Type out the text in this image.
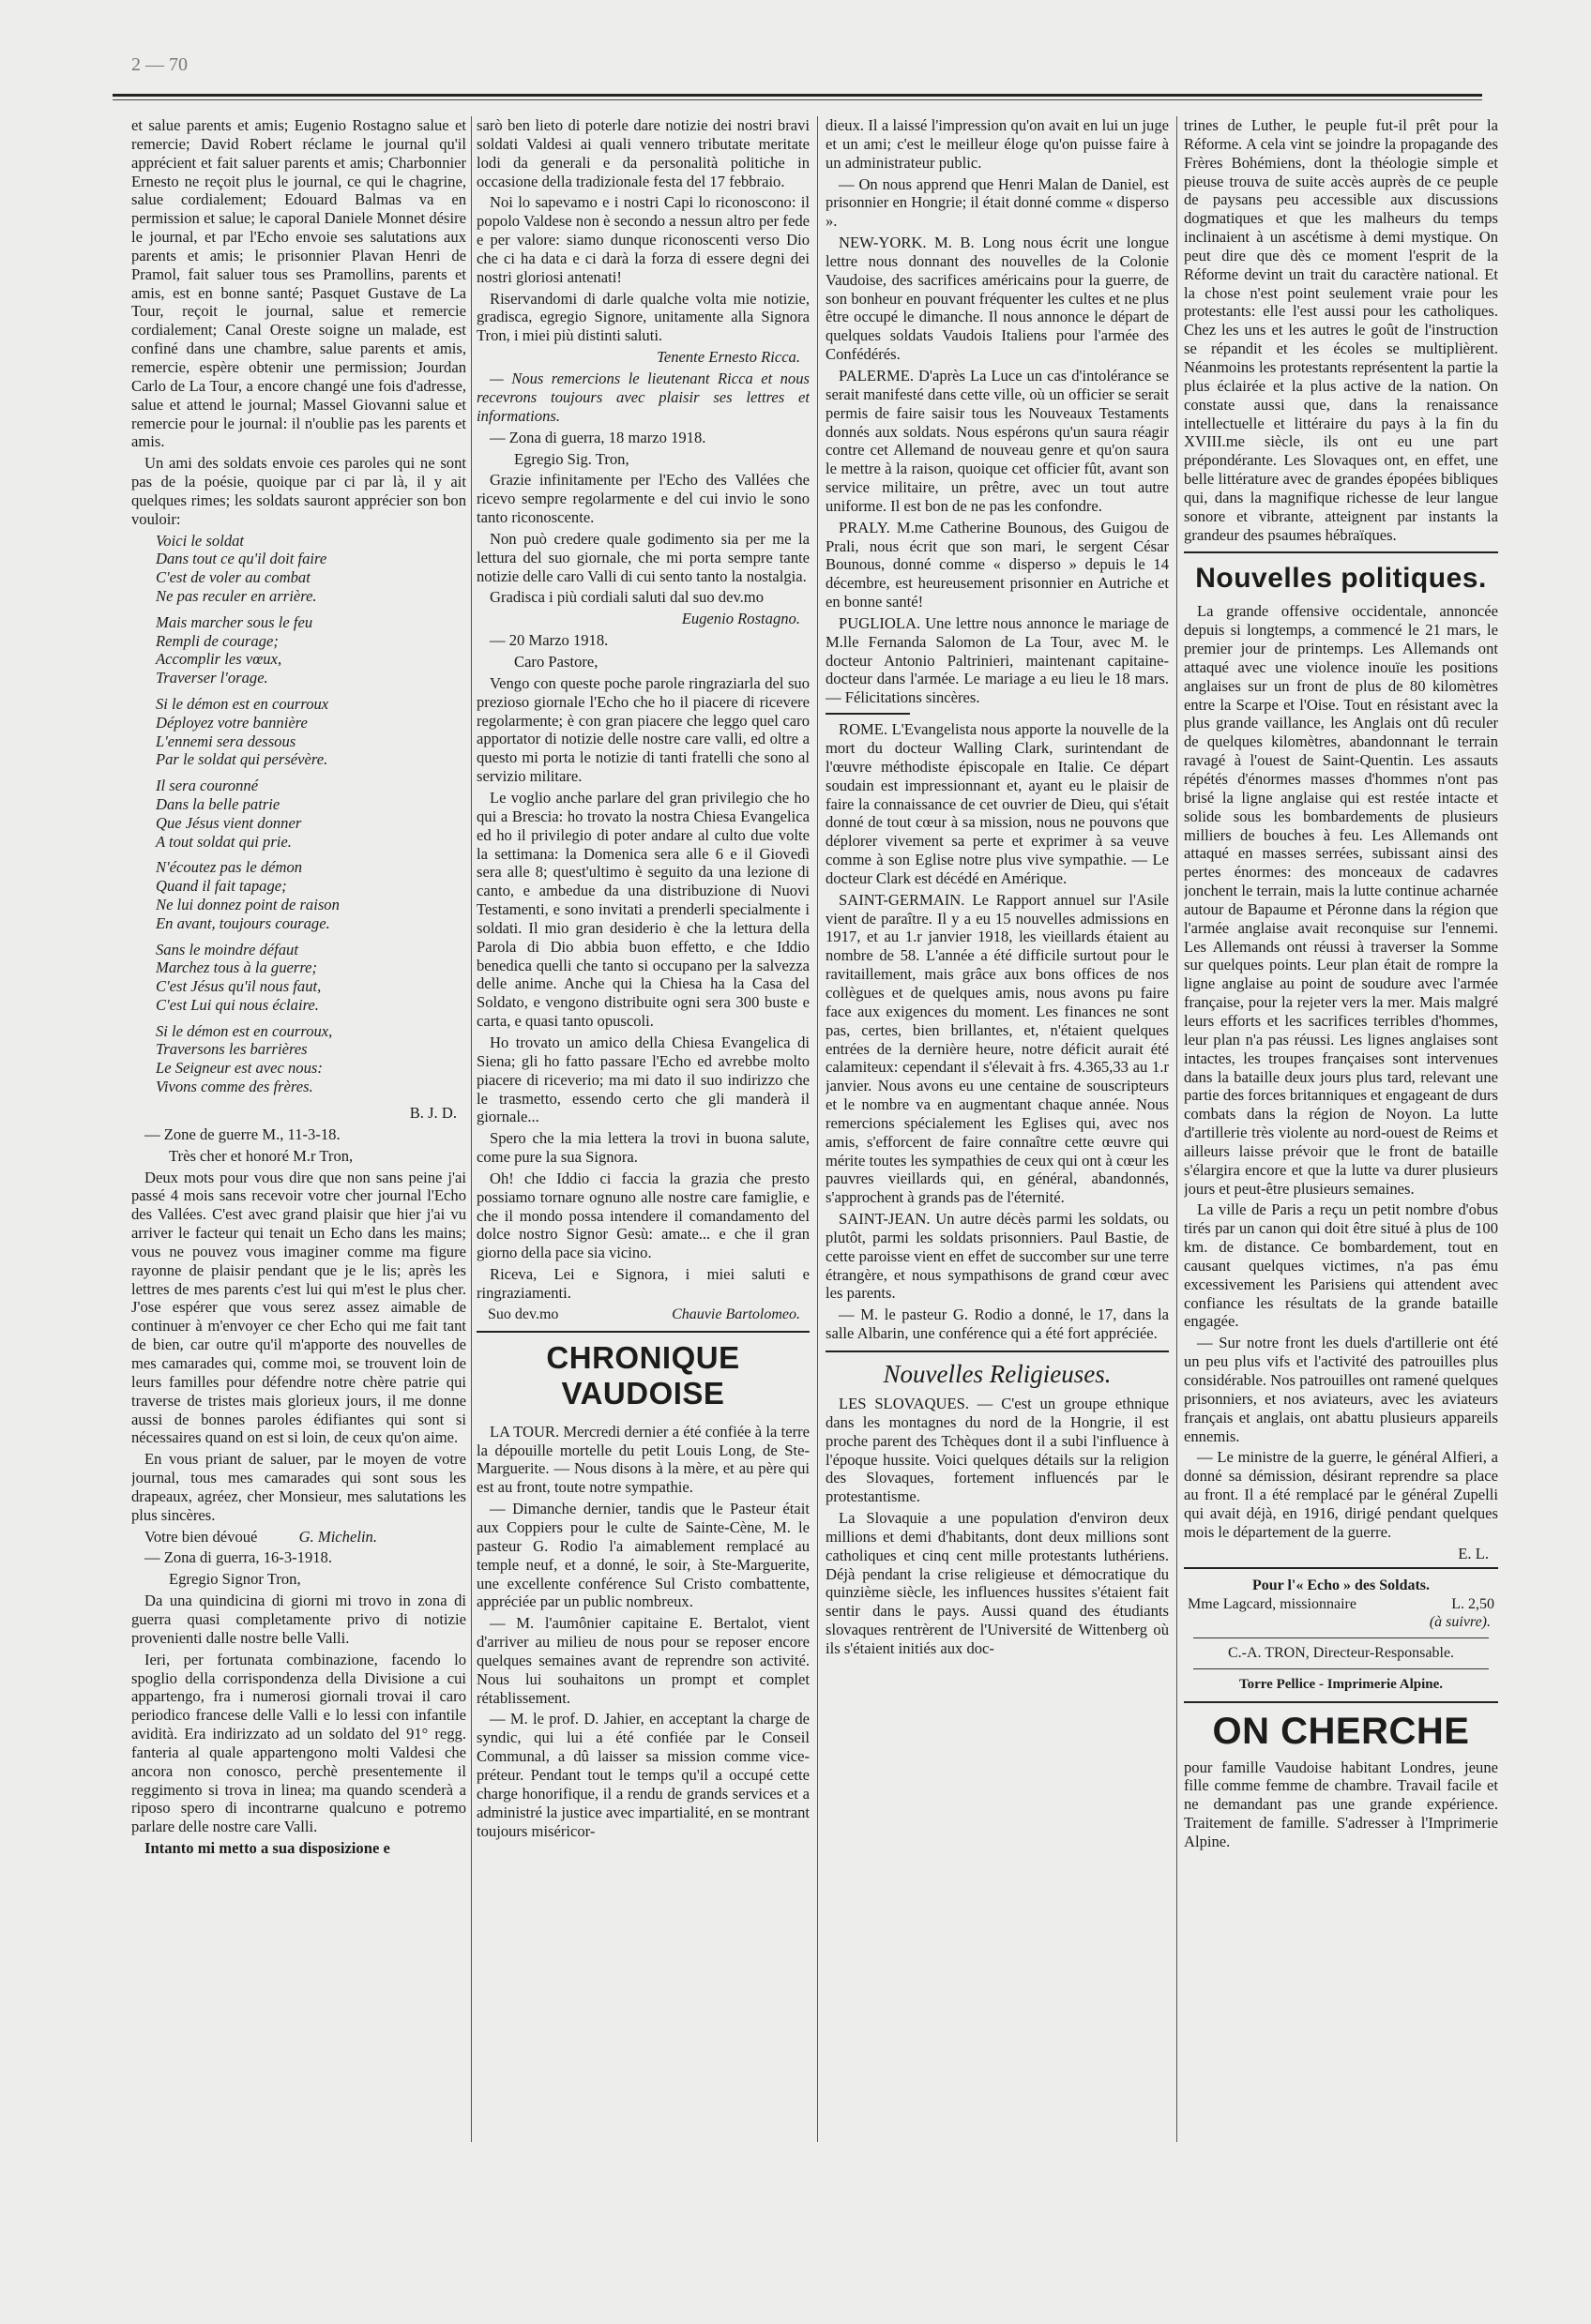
2 — 70

et salue parents et amis; Eugenio Rostagno salue et remercie; David Robert réclame le journal qu'il apprécient et fait saluer parents et amis; Charbonnier Ernesto ne reçoit plus le journal, ce qui le chagrine, salue cordialement; Edouard Balmas va en permission et salue; le caporal Daniele Monnet désire le journal, et par l'Echo envoie ses salutations aux parents et amis; le prisonnier Plavan Henri de Pramol, fait saluer tous ses Pramollins, parents et amis, est en bonne santé; Pasquet Gustave de La Tour, reçoit le journal, salue et remercie cordialement; Canal Oreste soigne un malade, est confiné dans une chambre, salue parents et amis, remercie, espère obtenir une permission; Jourdan Carlo de La Tour, a encore changé une fois d'adresse, salue et attend le journal; Massel Giovanni salue et remercie pour le journal: il n'oublie pas les parents et amis.

Un ami des soldats envoie ces paroles qui ne sont pas de la poésie, quoique par ci par là, il y ait quelques rimes; les soldats sauront apprécier son bon vouloir:

Voici le soldat
Dans tout ce qu'il doit faire
C'est de voler au combat
Ne pas reculer en arrière.
Mais marcher sous le feu
Rempli de courage;
Accomplir les vœux,
Traverser l'orage.
Si le démon est en courroux
Déployez votre bannière
L'ennemi sera dessous
Par le soldat qui persévère.
Il sera couronné
Dans la belle patrie
Que Jésus vient donner
A tout soldat qui prie.
N'écoutez pas le démon
Quand il fait tapage;
Ne lui donnez point de raison
En avant, toujours courage.
Sans le moindre défaut
Marchez tous à la guerre;
C'est Jésus qu'il nous faut,
C'est Lui qui nous éclaire.
Si le démon est en courroux,
Traversons les barrières
Le Seigneur est avec nous:
Vivons comme des frères.
B. J. D.

— Zone de guerre M., 11-3-18.

Très cher et honoré M.r Tron,

Deux mots pour vous dire que non sans peine j'ai passé 4 mois sans recevoir votre cher journal l'Echo des Vallées. C'est avec grand plaisir que hier j'ai vu arriver le facteur qui tenait un Echo dans les mains; vous ne pouvez vous imaginer comme ma figure rayonne de plaisir pendant que je le lis; après les lettres de mes parents c'est lui qui m'est le plus cher. J'ose espérer que vous serez assez aimable de continuer à m'envoyer ce cher Echo qui me fait tant de bien, car outre qu'il m'apporte des nouvelles de mes camarades qui, comme moi, se trouvent loin de leurs familles pour défendre notre chère patrie qui traverse de tristes mais glorieux jours, il me donne aussi de bonnes paroles édifiantes qui sont si nécessaires quand on est si loin, de ceux qu'on aime.

En vous priant de saluer, par le moyen de votre journal, tous mes camarades qui sont sous les drapeaux, agréez, cher Monsieur, mes salutations les plus sincères.

Votre bien dévoué	G. Michelin.

— Zona di guerra, 16-3-1918.

Egregio Signor Tron,

Da una quindicina di giorni mi trovo in zona di guerra quasi completamente privo di notizie provenienti dalle nostre belle Valli.

Ieri, per fortunata combinazione, facendo lo spoglio della corrispondenza della Divisione a cui appartengo, fra i numerosi giornali trovai il caro periodico francese delle Valli e lo lessi con infantile avidità. Era indirizzato ad un soldato del 91° regg. fanteria al quale appartengono molti Valdesi che ancora non conosco, perchè presentemente il reggimento si trova in linea; ma quando scenderà a riposo spero di incontrarne qualcuno e potremo parlare delle nostre care Valli.

Intanto mi metto a sua disposizione e

sarò ben lieto di poterle dare notizie dei nostri bravi soldati Valdesi ai quali vennero tributate meritate lodi da generali e da personalità politiche in occasione della tradizionale festa del 17 febbraio.

Noi lo sapevamo e i nostri Capi lo riconoscono: il popolo Valdese non è secondo a nessun altro per fede e per valore: siamo dunque riconoscenti verso Dio che ci ha data e ci darà la forza di essere degni dei nostri gloriosi antenati!

Riservandomi di darle qualche volta mie notizie, gradisca, egregio Signore, unitamente alla Signora Tron, i miei più distinti saluti.

Tenente Ernesto Ricca.

— Nous remercions le lieutenant Ricca et nous recevrons toujours avec plaisir ses lettres et informations.

— Zona di guerra, 18 marzo 1918.

Egregio Sig. Tron,

Grazie infinitamente per l'Echo des Vallées che ricevo sempre regolarmente e del cui invio le sono tanto riconoscente.

Non può credere quale godimento sia per me la lettura del suo giornale, che mi porta sempre tante notizie delle caro Valli di cui sento tanto la nostalgia.

Gradisca i più cordiali saluti dal suo dev.mo

Eugenio Rostagno.

— 20 Marzo 1918.

Caro Pastore,

Vengo con queste poche parole ringraziarla del suo prezioso giornale l'Echo che ho il piacere di ricevere regolarmente; è con gran piacere che leggo quel caro apportator di notizie delle nostre care valli, ed oltre a questo mi porta le notizie di tanti fratelli che sono al servizio militare.

Le voglio anche parlare del gran privilegio che ho qui a Brescia: ho trovato la nostra Chiesa Evangelica ed ho il privilegio di poter andare al culto due volte la settimana: la Domenica sera alle 6 e il Giovedì sera alle 8; quest'ultimo è seguito da una lezione di canto, e ambedue da una distribuzione di Nuovi Testamenti, e sono invitati a prenderli specialmente i soldati. Il mio gran desiderio è che la lettura della Parola di Dio abbia buon effetto, e che Iddio benedica quelli che tanto si occupano per la salvezza delle anime. Anche qui la Chiesa ha la Casa del Soldato, e vengono distribuite ogni sera 300 buste e carta, e quasi tanto opuscoli.

Ho trovato un amico della Chiesa Evangelica di Siena; gli ho fatto passare l'Echo ed avrebbe molto piacere di riceverio; ma mi dato il suo indirizzo che le trasmetto, essendo certo che gli manderà il giornale...

Spero che la mia lettera la trovi in buona salute, come pure la sua Signora.

Oh! che Iddio ci faccia la grazia che presto possiamo tornare ognuno alle nostre care famiglie, e che il mondo possa intendere il comandamento del dolce nostro Signor Gesù: amate... e che il gran giorno della pace sia vicino.

Riceva, Lei e Signora, i miei saluti e ringraziamenti.

Suo dev.mo	Chauvie Bartolomeo.
CHRONIQUE VAUDOISE

LA TOUR. Mercredi dernier a été confiée à la terre la dépouille mortelle du petit Louis Long, de Ste-Marguerite. — Nous disons à la mère, et au père qui est au front, toute notre sympathie.

— Dimanche dernier, tandis que le Pasteur était aux Coppiers pour le culte de Sainte-Cène, M. le pasteur G. Rodio l'a aimablement remplacé au temple neuf, et a donné, le soir, à Ste-Marguerite, une excellente conférence Sul Cristo combattente, appréciée par un public nombreux.

— M. l'aumônier capitaine E. Bertalot, vient d'arriver au milieu de nous pour se reposer encore quelques semaines avant de reprendre son activité. Nous lui souhaitons un prompt et complet rétablissement.

— M. le prof. D. Jahier, en acceptant la charge de syndic, qui lui a été confiée par le Conseil Communal, a dû laisser sa mission comme vice-préteur. Pendant tout le temps qu'il a occupé cette charge honorifique, il a rendu de grands services et a administré la justice avec impartialité, en se montrant toujours miséricor-

dieux. Il a laissé l'impression qu'on avait en lui un juge et un ami; c'est le meilleur éloge qu'on puisse faire à un administrateur public.

— On nous apprend que Henri Malan de Daniel, est prisonnier en Hongrie; il était donné comme « disperso ».

NEW-YORK. M. B. Long nous écrit une longue lettre nous donnant des nouvelles de la Colonie Vaudoise, des sacrifices américains pour la guerre, de son bonheur en pouvant fréquenter les cultes et ne plus être occupé le dimanche. Il nous annonce le départ de quelques soldats Vaudois Italiens pour l'armée des Confédérés.

PALERME. D'après La Luce un cas d'intolérance se serait manifesté dans cette ville, où un officier se serait permis de faire saisir tous les Nouveaux Testaments donnés aux soldats. Nous espérons qu'un saura réagir contre cet Allemand de nouveau genre et qu'on saura le mettre à la raison, quoique cet officier fût, avant son service militaire, un prêtre, avec un tout autre uniforme. Il est bon de ne pas les confondre.

PRALY. M.me Catherine Bounous, des Guigou de Prali, nous écrit que son mari, le sergent César Bounous, donné comme « disperso » depuis le 14 décembre, est heureusement prisonnier en Autriche et en bonne santé!

PUGLIOLA. Une lettre nous annonce le mariage de M.lle Fernanda Salomon de La Tour, avec M. le docteur Antonio Paltrinieri, maintenant capitaine-docteur dans l'armée. Le mariage a eu lieu le 18 mars. — Félicitations sincères.

ROME. L'Evangelista nous apporte la nouvelle de la mort du docteur Walling Clark, surintendant de l'œuvre méthodiste épiscopale en Italie. Ce départ soudain est impressionnant et, ayant eu le plaisir de faire la connaissance de cet ouvrier de Dieu, qui s'était donné de tout cœur à sa mission, nous ne pouvons que déplorer vivement sa perte et exprimer à sa veuve comme à son Eglise notre plus vive sympathie. — Le docteur Clark est décédé en Amérique.

SAINT-GERMAIN. Le Rapport annuel sur l'Asile vient de paraître. Il y a eu 15 nouvelles admissions en 1917, et au 1.r janvier 1918, les vieillards étaient au nombre de 58. L'année a été difficile surtout pour le ravitaillement, mais grâce aux bons offices de nos collègues et de quelques amis, nous avons pu faire face aux exigences du moment. Les finances ne sont pas, certes, bien brillantes, et, n'étaient quelques entrées de la dernière heure, notre déficit aurait été calamiteux: cependant il s'élevait à frs. 4.365,33 au 1.r janvier. Nous avons eu une centaine de souscripteurs et le nombre va en augmentant chaque année. Nous remercions spécialement les Eglises qui, avec nos amis, s'efforcent de faire connaître cette œuvre qui mérite toutes les sympathies de ceux qui ont à cœur les pauvres vieillards qui, en général, abandonnés, s'approchent à grands pas de l'éternité.

SAINT-JEAN. Un autre décès parmi les soldats, ou plutôt, parmi les soldats prisonniers. Paul Bastie, de cette paroisse vient en effet de succomber sur une terre étrangère, et nous sympathisons de grand cœur avec les parents.

— M. le pasteur G. Rodio a donné, le 17, dans la salle Albarin, une conférence qui a été fort appréciée.

Nouvelles Religieuses.

LES SLOVAQUES. — C'est un groupe ethnique dans les montagnes du nord de la Hongrie, il est proche parent des Tchèques dont il a subi l'influence à l'époque hussite. Voici quelques détails sur la religion des Slovaques, fortement influencés par le protestantisme.

La Slovaquie a une population d'environ deux millions et demi d'habitants, dont deux millions sont catholiques et cinq cent mille protestants luthériens. Déjà pendant la crise religieuse et démocratique du quinzième siècle, les influences hussites s'étaient fait sentir dans le pays. Aussi quand des étudiants slovaques rentrèrent de l'Université de Wittenberg où ils s'étaient initiés aux doc-

trines de Luther, le peuple fut-il prêt pour la Réforme. A cela vint se joindre la propagande des Frères Bohémiens, dont la théologie simple et pieuse trouva de suite accès auprès de ce peuple de paysans peu accessible aux discussions dogmatiques et que les malheurs du temps inclinaient à un ascétisme à demi mystique. On peut dire que dès ce moment l'esprit de la Réforme devint un trait du caractère national. Et la chose n'est point seulement vraie pour les protestants: elle l'est aussi pour les catholiques. Chez les uns et les autres le goût de l'instruction se répandit et les écoles se multiplièrent. Néanmoins les protestants représentent la partie la plus éclairée et la plus active de la nation. On constate aussi que, dans la renaissance intellectuelle et littéraire du pays à la fin du XVIII.me siècle, ils ont eu une part prépondérante. Les Slovaques ont, en effet, une belle littérature avec de grandes épopées bibliques qui, dans la magnifique richesse de leur langue sonore et vibrante, atteignent par instants la grandeur des psaumes hébraïques.

Nouvelles politiques.

La grande offensive occidentale, annoncée depuis si longtemps, a commencé le 21 mars, le premier jour de printemps. Les Allemands ont attaqué avec une violence inouïe les positions anglaises sur un front de plus de 80 kilomètres entre la Scarpe et l'Oise. Tout en résistant avec la plus grande vaillance, les Anglais ont dû reculer de quelques kilomètres, abandonnant le terrain ravagé à l'ouest de Saint-Quentin. Les assauts répétés d'énormes masses d'hommes n'ont pas brisé la ligne anglaise qui est restée intacte et solide sous les bombardements de plusieurs milliers de bouches à feu. Les Allemands ont attaqué en masses serrées, subissant ainsi des pertes énormes: des monceaux de cadavres jonchent le terrain, mais la lutte continue acharnée autour de Bapaume et Péronne dans la région que l'armée anglaise avait reconquise sur l'ennemi. Les Allemands ont réussi à traverser la Somme sur quelques points. Leur plan était de rompre la ligne anglaise au point de soudure avec l'armée française, pour la rejeter vers la mer. Mais malgré leurs efforts et les sacrifices terribles d'hommes, leur plan n'a pas réussi. Les lignes anglaises sont intactes, les troupes françaises sont intervenues dans la bataille deux jours plus tard, relevant une partie des forces britanniques et engageant de durs combats dans la région de Noyon. La lutte d'artillerie très violente au nord-ouest de Reims et ailleurs laisse prévoir que le front de bataille s'élargira encore et que la lutte va durer plusieurs jours et peut-être plusieurs semaines.

La ville de Paris a reçu un petit nombre d'obus tirés par un canon qui doit être situé à plus de 100 km. de distance. Ce bombardement, tout en causant quelques victimes, n'a pas ému excessivement les Parisiens qui attendent avec confiance les résultats de la grande bataille engagée.

— Sur notre front les duels d'artillerie ont été un peu plus vifs et l'activité des patrouilles plus considérable. Nos patrouilles ont ramené quelques prisonniers, et nos aviateurs, avec les aviateurs français et anglais, ont abattu plusieurs appareils ennemis.

— Le ministre de la guerre, le général Alfieri, a donné sa démission, désirant reprendre sa place au front. Il a été remplacé par le général Zupelli qui avait déjà, en 1916, dirigé pendant quelques mois le département de la guerre.

E. L.
Pour l'« Echo » des Soldats.
Mme Lagcard, missionnaire	L. 2,50
(à suivre).
C.-A. TRON, Directeur-Responsable.
Torre Pellice - Imprimerie Alpine.
ON CHERCHE

pour famille Vaudoise habitant Londres, jeune fille comme femme de chambre. Travail facile et ne demandant pas une grande expérience. Traitement de famille. S'adresser à l'Imprimerie Alpine.
